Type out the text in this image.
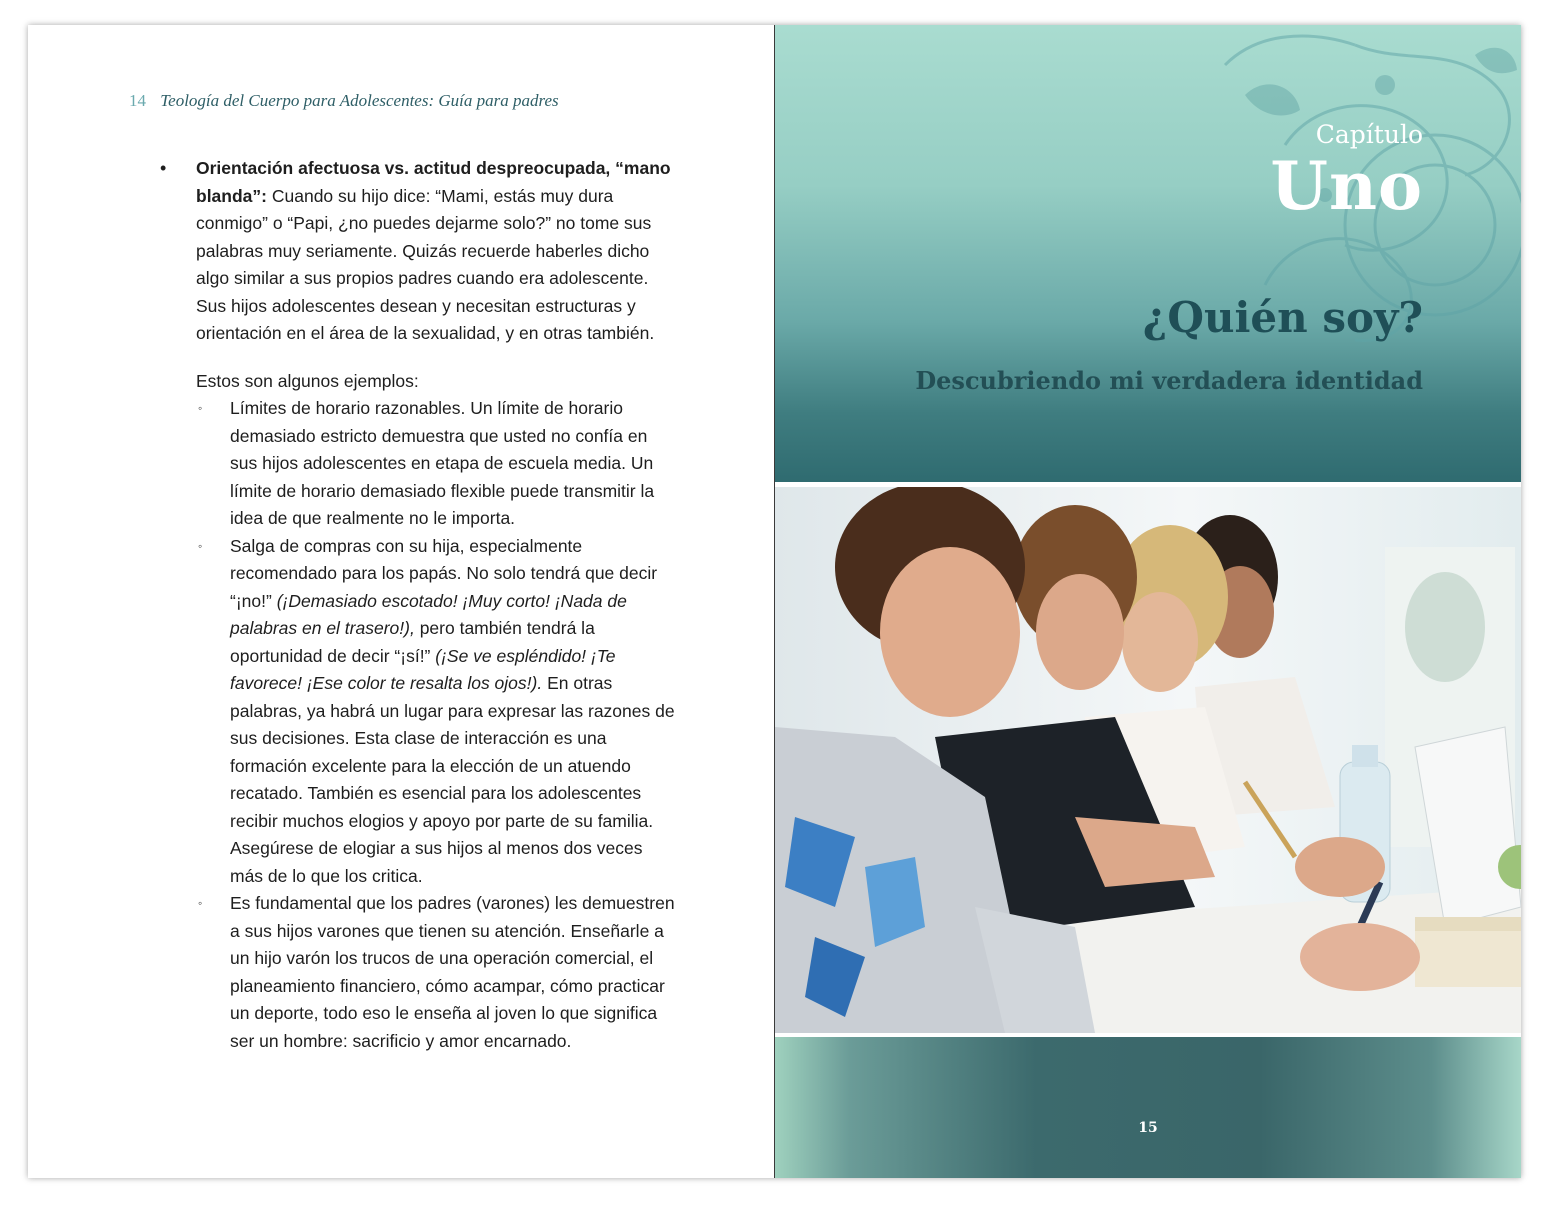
14 Teología del Cuerpo para Adolescentes: Guía para padres
• Orientación afectuosa vs. actitud despreocupada, “mano blanda”: Cuando su hijo dice: “Mami, estás muy dura conmigo” o “Papi, ¿no puedes dejarme solo?” no tome sus palabras muy seriamente. Quizás recuerde haberles dicho algo similar a sus propios padres cuando era adolescente. Sus hijos adolescentes desean y necesitan estructuras y orientación en el área de la sexualidad, y en otras también.
Estos son algunos ejemplos:
◦ Límites de horario razonables. Un límite de horario demasiado estricto demuestra que usted no confía en sus hijos adolescentes en etapa de escuela media. Un límite de horario demasiado flexible puede transmitir la idea de que realmente no le importa.
◦ Salga de compras con su hija, especialmente recomendado para los papás. No solo tendrá que decir “¡no!” (¡Demasiado escotado! ¡Muy corto! ¡Nada de palabras en el trasero!), pero también tendrá la oportunidad de decir “¡sí!” (¡Se ve espléndido! ¡Te favorece! ¡Ese color te resalta los ojos!). En otras palabras, ya habrá un lugar para expresar las razones de sus decisiones. Esta clase de interacción es una formación excelente para la elección de un atuendo recatado. También es esencial para los adolescentes recibir muchos elogios y apoyo por parte de su familia. Asegúrese de elogiar a sus hijos al menos dos veces más de lo que los critica.
◦ Es fundamental que los padres (varones) les demuestren a sus hijos varones que tienen su atención. Enseñarle a un hijo varón los trucos de una operación comercial, el planeamiento financiero, cómo acampar, cómo practicar un deporte, todo eso le enseña al joven lo que significa ser un hombre: sacrificio y amor encarnado.
Capítulo
Uno
¿Quién soy?
Descubriendo mi verdadera identidad
15
